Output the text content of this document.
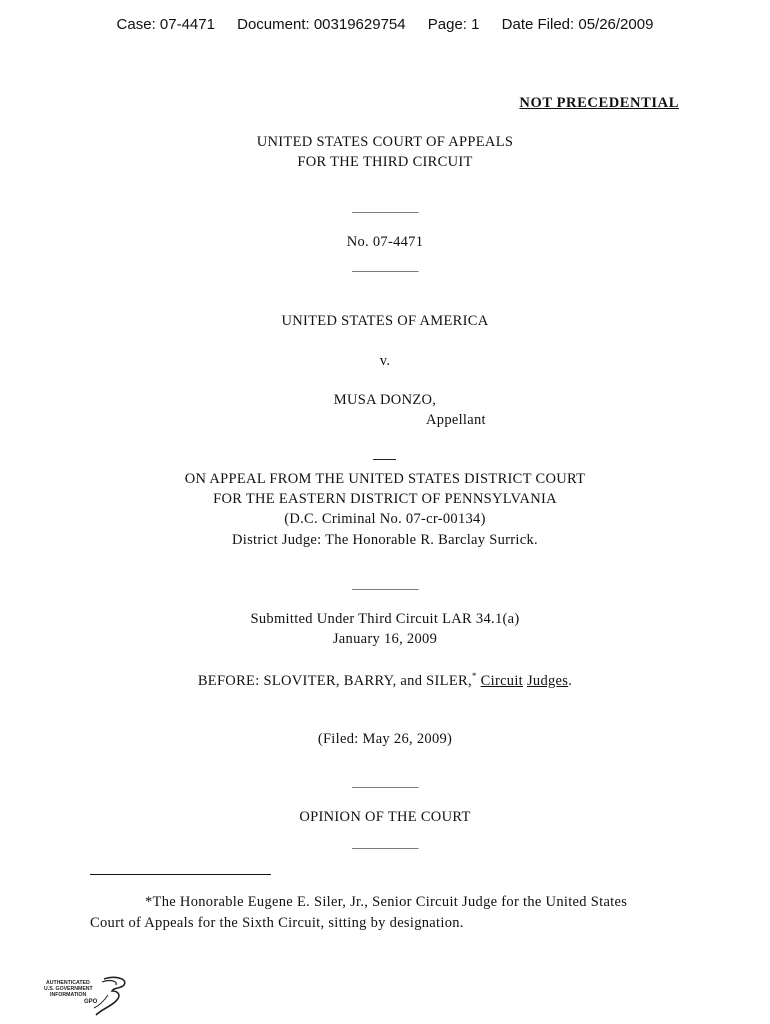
Case: 07-4471 Document: 00319629754 Page: 1 Date Filed: 05/26/2009
NOT PRECEDENTIAL
UNITED STATES COURT OF APPEALS
FOR THE THIRD CIRCUIT
____________
No. 07-4471
____________
UNITED STATES OF AMERICA
v.
MUSA DONZO,
Appellant
ON APPEAL FROM THE UNITED STATES DISTRICT COURT
FOR THE EASTERN DISTRICT OF PENNSYLVANIA
(D.C. Criminal No. 07-cr-00134)
District Judge: The Honorable R. Barclay Surrick.
____________
Submitted Under Third Circuit LAR 34.1(a)
January 16, 2009
BEFORE: SLOVITER, BARRY, and SILER,* Circuit Judges.
(Filed: May 26, 2009)
____________
OPINION OF THE COURT
____________
*The Honorable Eugene E. Siler, Jr., Senior Circuit Judge for the United States
Court of Appeals for the Sixth Circuit, sitting by designation.
AUTHENTICATED
U.S. GOVERNMENT
INFORMATION
GPO
